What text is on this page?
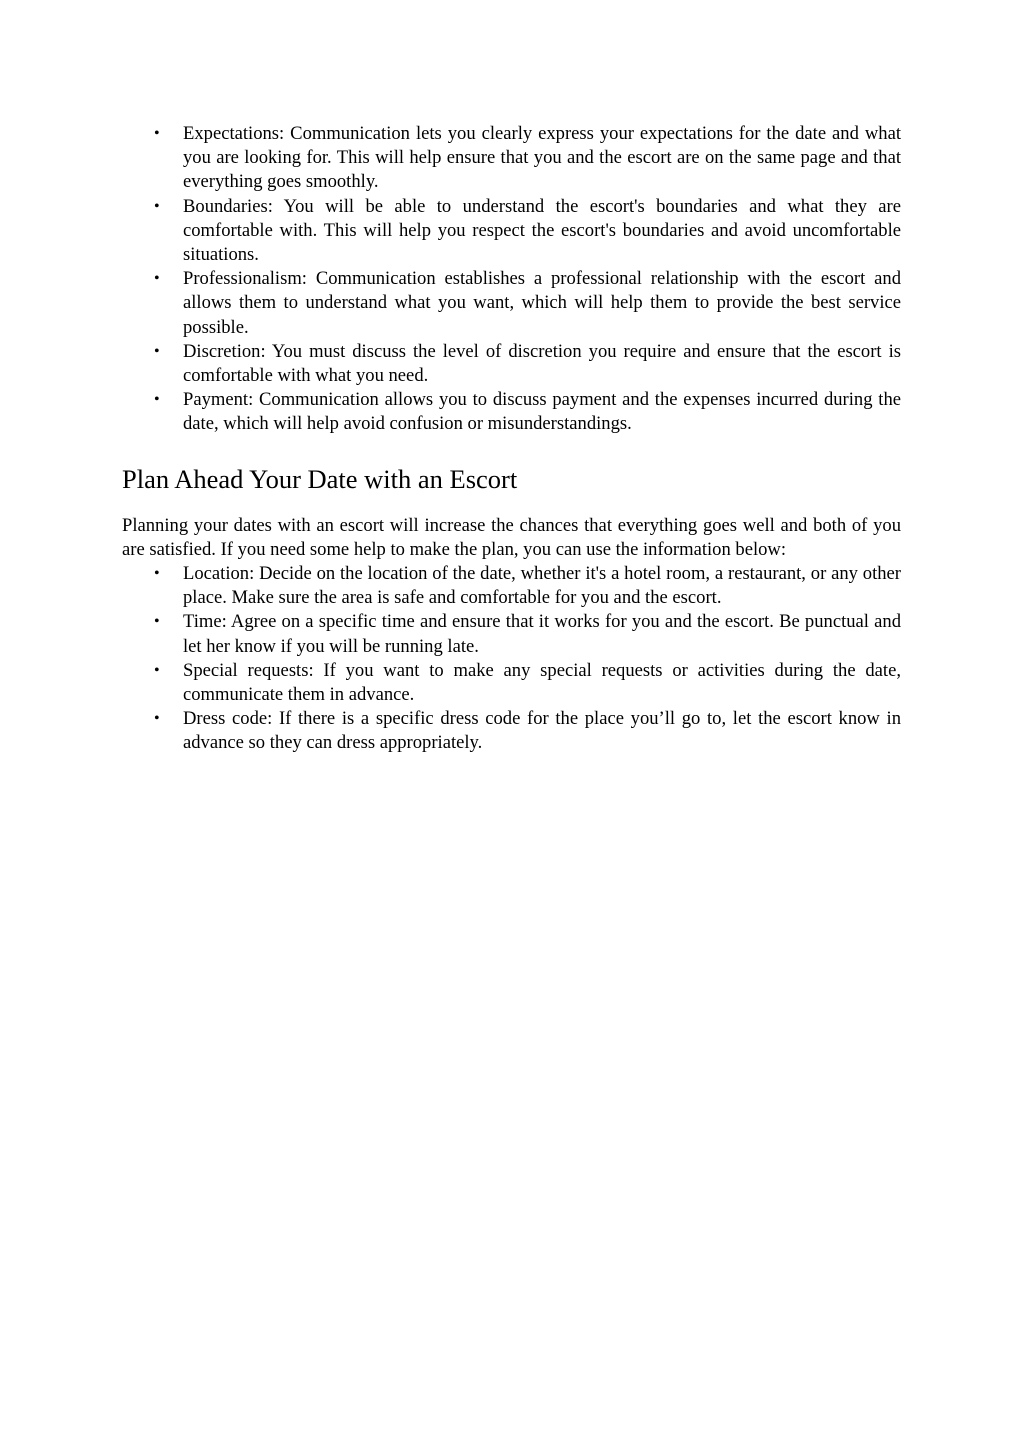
• Expectations: Communication lets you clearly express your expectations for the date and what you are looking for. This will help ensure that you and the escort are on the same page and that everything goes smoothly.
• Boundaries: You will be able to understand the escort's boundaries and what they are comfortable with. This will help you respect the escort's boundaries and avoid uncomfortable situations.
• Professionalism: Communication establishes a professional relationship with the escort and allows them to understand what you want, which will help them to provide the best service possible.
• Discretion: You must discuss the level of discretion you require and ensure that the escort is comfortable with what you need.
• Payment: Communication allows you to discuss payment and the expenses incurred during the date, which will help avoid confusion or misunderstandings.
Plan Ahead Your Date with an Escort

Planning your dates with an escort will increase the chances that everything goes well and both of you are satisfied. If you need some help to make the plan, you can use the information below:

• Location: Decide on the location of the date, whether it's a hotel room, a restaurant, or any other place. Make sure the area is safe and comfortable for you and the escort.
• Time: Agree on a specific time and ensure that it works for you and the escort. Be punctual and let her know if you will be running late.
• Special requests: If you want to make any special requests or activities during the date, communicate them in advance.
• Dress code: If there is a specific dress code for the place you’ll go to, let the escort know in advance so they can dress appropriately.
